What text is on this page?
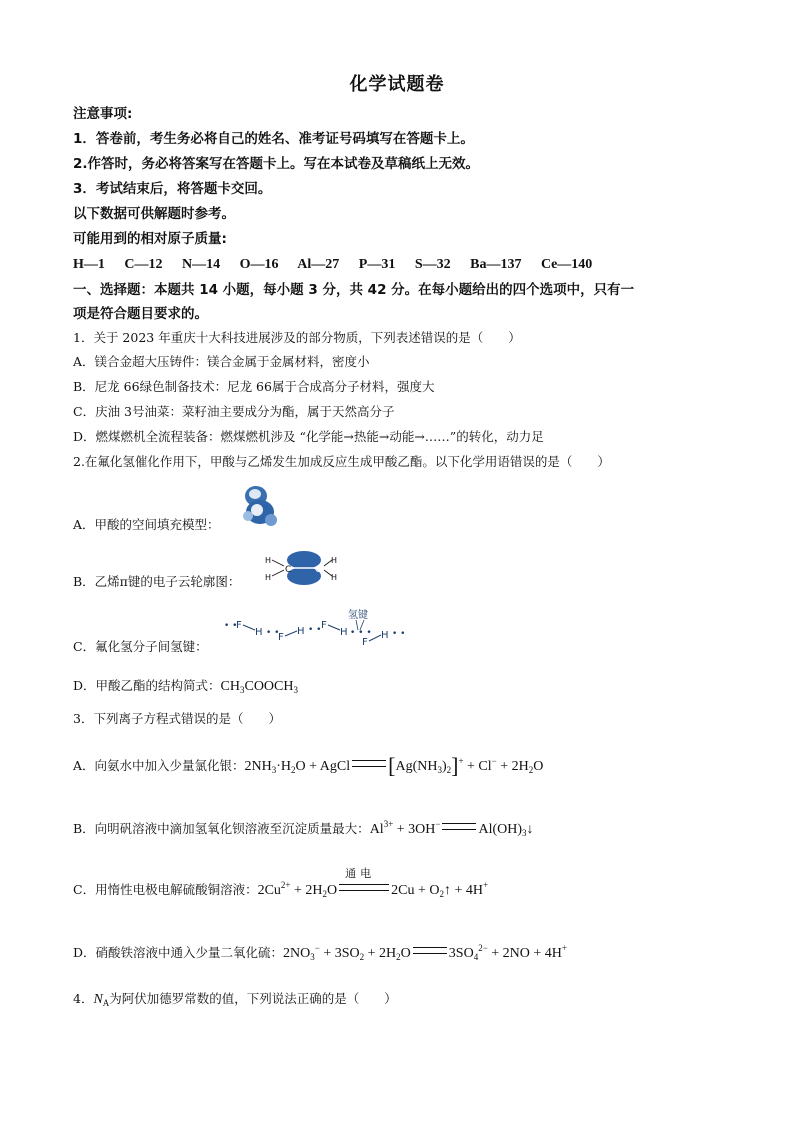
化学试题卷
注意事项:
1．答卷前，考生务必将自己的姓名、准考证号码填写在答题卡上。
2.作答时，务必将答案写在答题卡上。写在本试卷及草稿纸上无效。
3．考试结束后，将答题卡交回。
以下数据可供解题时参考。
可能用到的相对原子质量:
H—1 C—12 N—14 O—16 Al—27 P—31 S—32 Ba—137 Ce—140
一、选择题：本题共 14 小题，每小题 3 分，共 42 分。在每小题给出的四个选项中，只有一
项是符合题目要求的。
1．关于 2023 年重庆十大科技进展涉及的部分物质，下列表述错误的是（　　）
A．镁合金超大压铸件：镁合金属于金属材料，密度小
B．尼龙 66绿色制备技术：尼龙 66属于合成高分子材料，强度大
C．庆油 3号油菜：菜籽油主要成分为酯，属于天然高分子
D．燃煤燃机全流程装备：燃煤燃机涉及 “化学能→热能→动能→……”的转化，动力足
2.在氟化氢催化作用下，甲酸与乙烯发生加成反应生成甲酸乙酯。以下化学用语错误的是（　　）
A．甲酸的空间填充模型：
B．乙烯π键的电子云轮廓图：
C	C
H
H
H
H
C．氟化氢分子间氢键：
• •
F
H • •
F
H • • F
H • • •
F
H • •
氢键
D．甲酸乙酯的结构简式：$CH_3COOCH_3$
3．下列离子方程式错误的是（　　）
A．向氨水中加入少量氯化银：$2NH_3\cdot H_2O$ + AgCl $[Ag(NH_3)_2]^+ + Cl^- + 2H_2O$
B．向明矾溶液中滴加氢氧化钡溶液至沉淀质量最大：$Al^{3+} + 3OH^-$	$Al(OH)_3↓$
C．用惰性电极电解硫酸铜溶液：$2Cu^{2+} + 2H_2O$
通电
$2Cu + O_2↑ + 4H^+$
D．硝酸铁溶液中通入少量二氧化硫：$2NO_3^- + 3SO_2 + 2H_2O$	$3SO_4^{2-} + 2NO + 4H^+$
4．$N_A$为阿伏加德罗常数的值，下列说法正确的是（　　）
